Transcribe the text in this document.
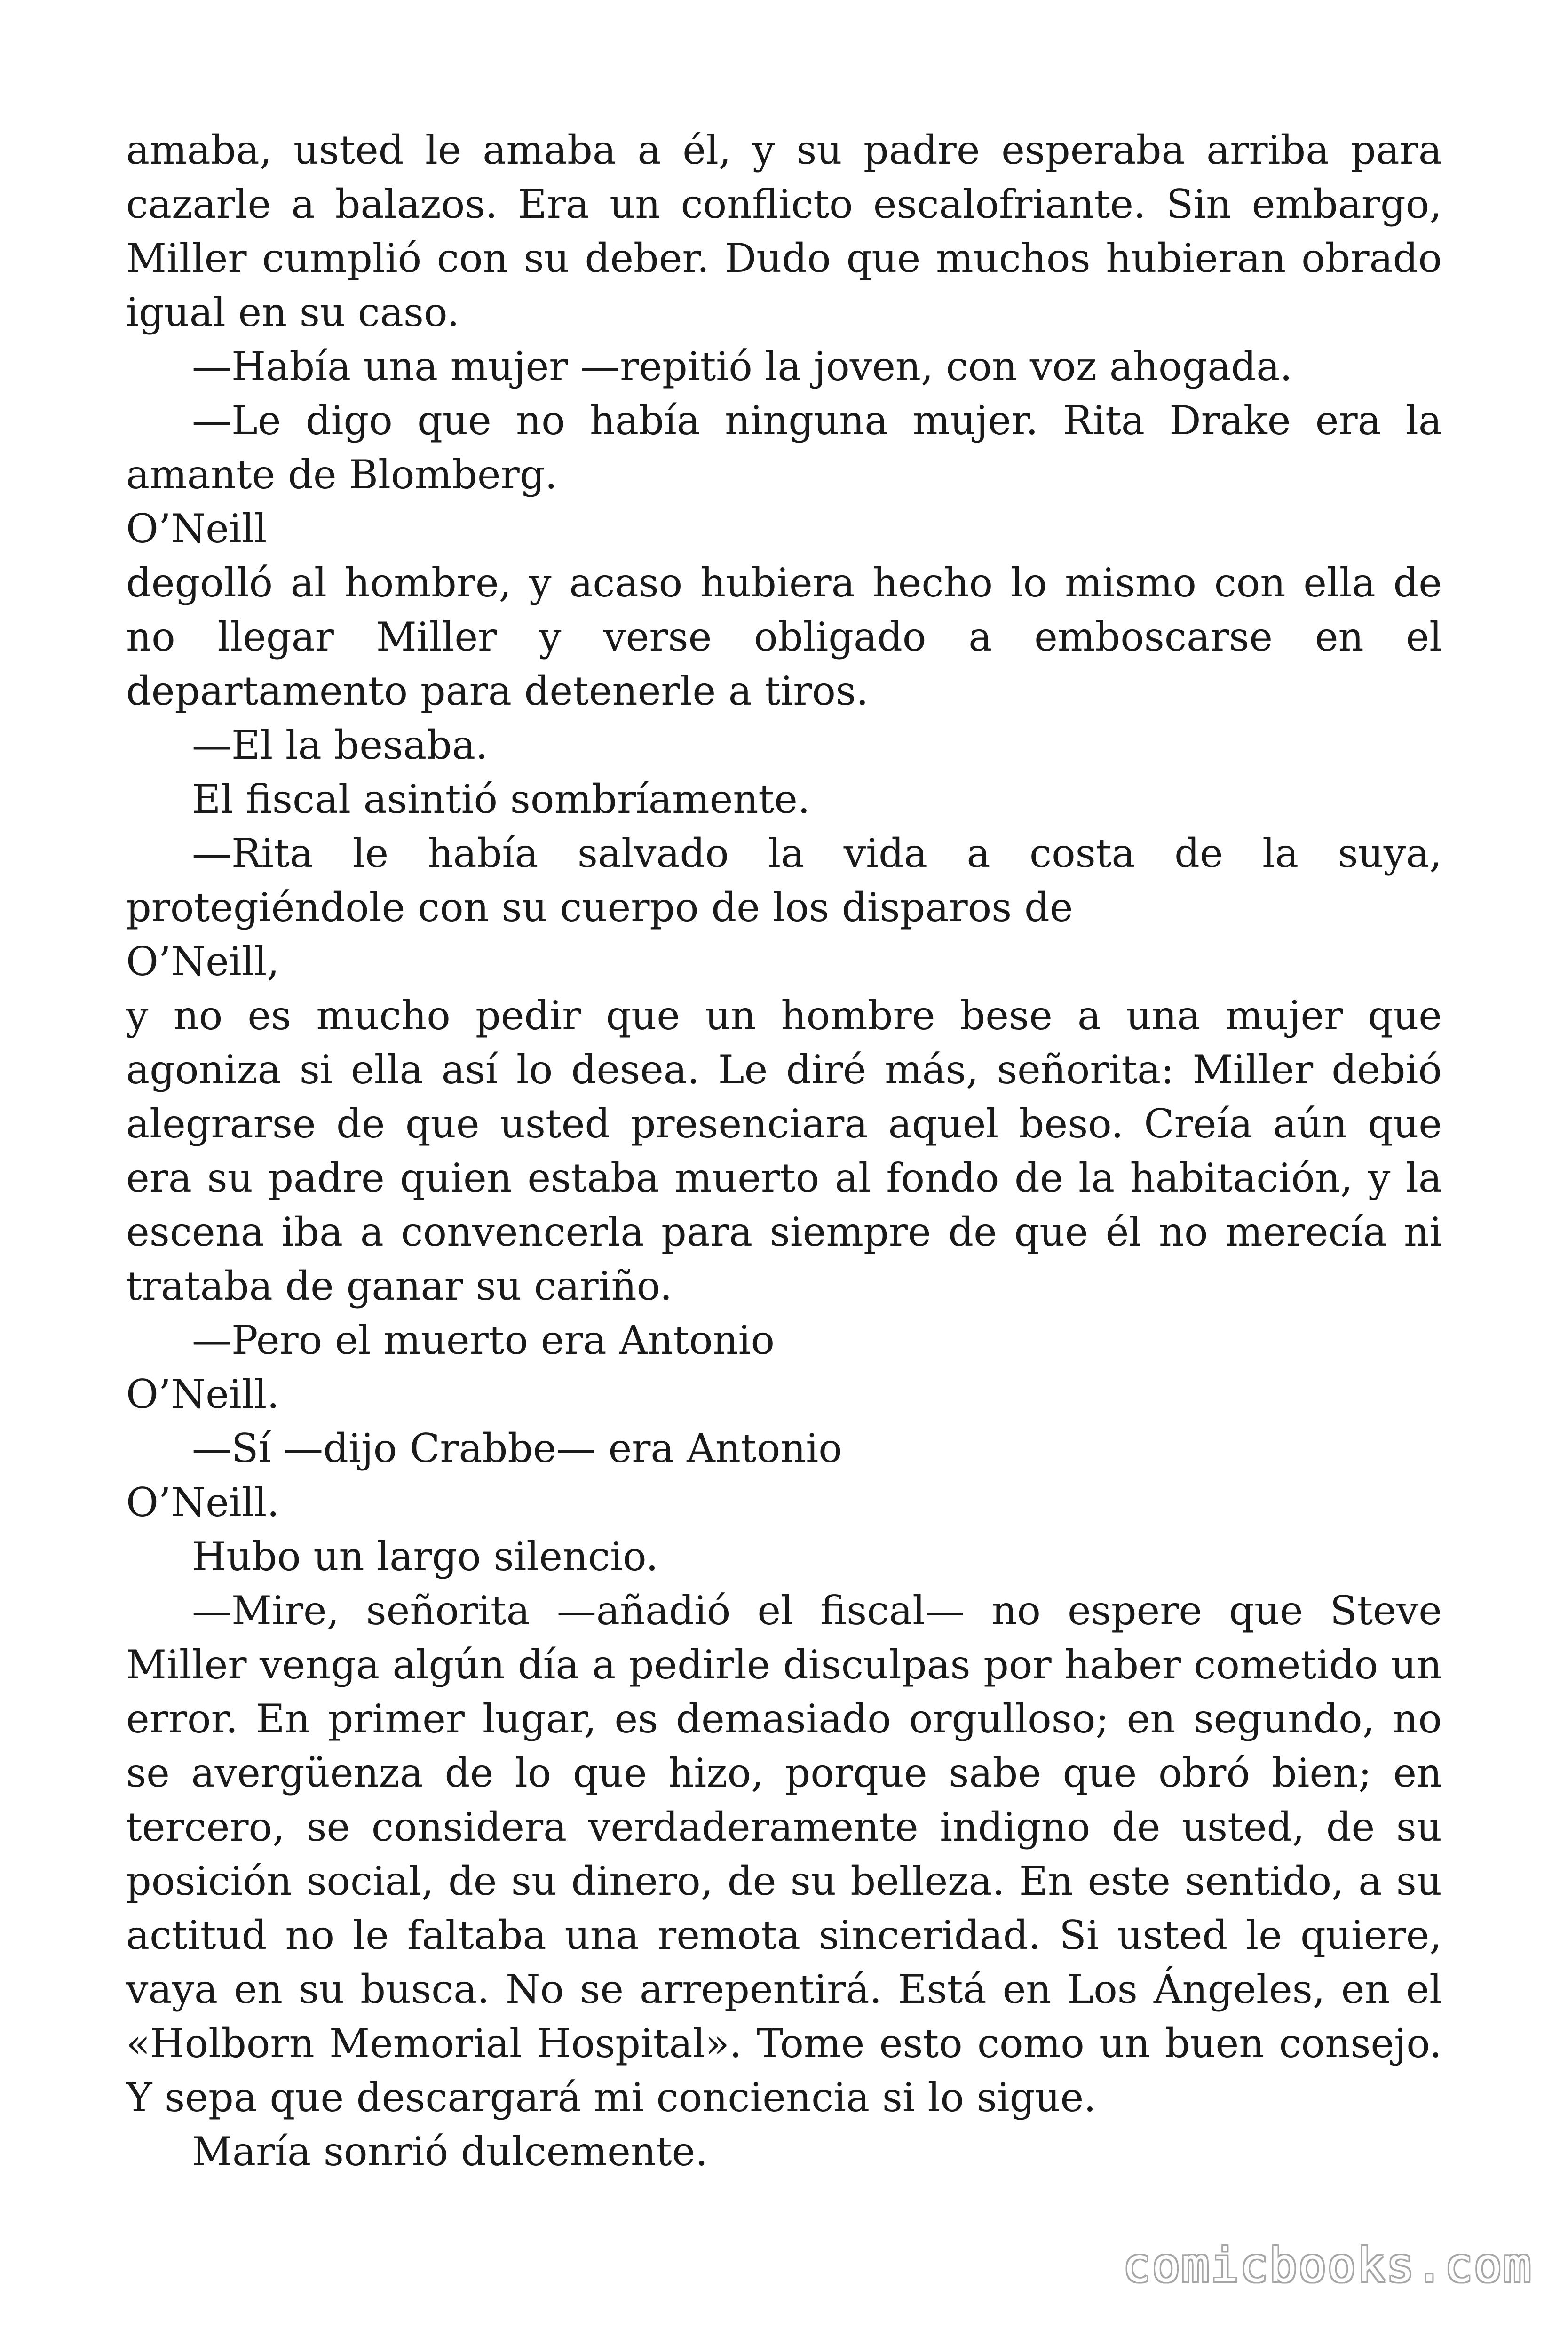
amaba, usted le amaba a él, y su padre esperaba arriba para cazarle a balazos. Era un conflicto escalofriante. Sin embargo, Miller cumplió con su deber. Dudo que muchos hubieran obrado igual en su caso.

—Había una mujer —repitió la joven, con voz ahogada.

—Le digo que no había ninguna mujer. Rita Drake era la amante de Blomberg.

O’Neill

degolló al hombre, y acaso hubiera hecho lo mismo con ella de no llegar Miller y verse obligado a emboscarse en el departamento para detenerle a tiros.

—El la besaba.

El fiscal asintió sombríamente.

—Rita le había salvado la vida a costa de la suya, protegiéndole con su cuerpo de los disparos de

O’Neill,

y no es mucho pedir que un hombre bese a una mujer que agoniza si ella así lo desea. Le diré más, señorita: Miller debió alegrarse de que usted presenciara aquel beso. Creía aún que era su padre quien estaba muerto al fondo de la habitación, y la escena iba a convencerla para siempre de que él no merecía ni trataba de ganar su cariño.

—Pero el muerto era Antonio

O’Neill.

—Sí —dijo Crabbe— era Antonio

O’Neill.

Hubo un largo silencio.

—Mire, señorita —añadió el fiscal— no espere que Steve Miller venga algún día a pedirle disculpas por haber cometido un error. En primer lugar, es demasiado orgulloso; en segundo, no se avergüenza de lo que hizo, porque sabe que obró bien; en tercero, se considera verdaderamente indigno de usted, de su posición social, de su dinero, de su belleza. En este sentido, a su actitud no le faltaba una remota sinceridad. Si usted le quiere, vaya en su busca. No se arrepentirá. Está en Los Ángeles, en el «Holborn Memorial Hospital». Tome esto como un buen consejo. Y sepa que descargará mi conciencia si lo sigue.

María sonrió dulcemente.

comicbooks.com
